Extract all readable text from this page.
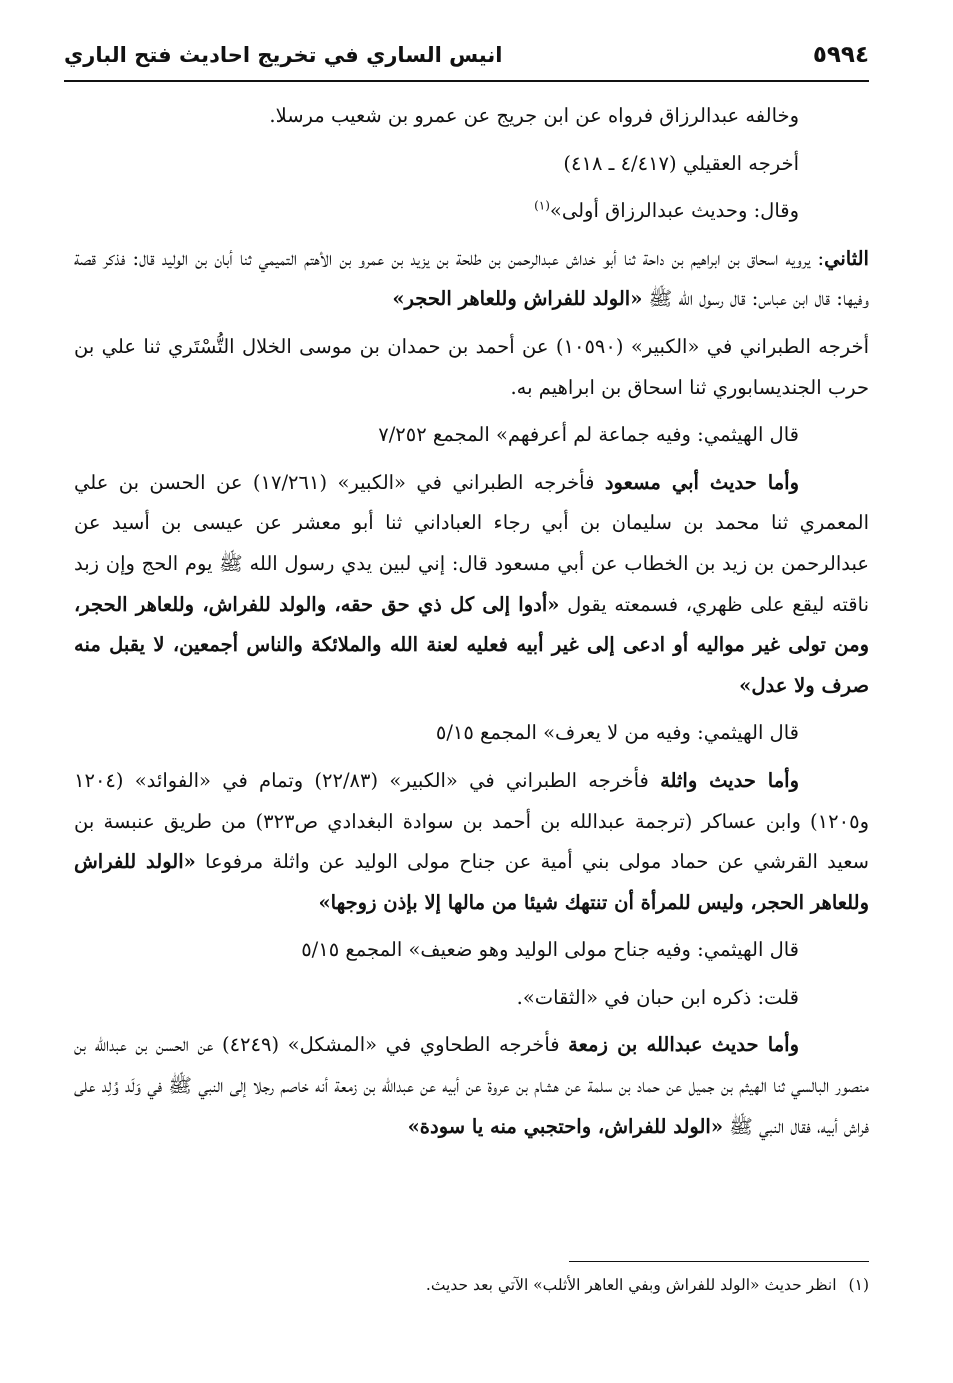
٥٩٩٤
انيس الساري في تخريج احاديث فتح الباري

وخالفه عبدالرزاق فرواه عن ابن جريج عن عمرو بن شعيب مرسلا.

أخرجه العقيلي (٤/٤١٧ ـ ٤١٨)

وقال: وحديث عبدالرزاق أولى»$^{(١)}$

الثاني: يرويه اسحاق بن ابراهيم بن داحة ثنا أبو خداش عبدالرحمن بن طلحة بن يزيد بن عمرو بن الأهتم التميمي ثنا أبان بن الوليد قال: فذكر قصة وفيها: قال ابن عباس: قال رسول الله ﷺ «الولد للفراش وللعاهر الحجر»

أخرجه الطبراني في «الكبير» (١٠٥٩٠) عن أحمد بن حمدان بن موسى الخلال التُّسْتَري ثنا علي بن حرب الجنديسابوري ثنا اسحاق بن ابراهيم به.

قال الهيثمي: وفيه جماعة لم أعرفهم» المجمع ٧/٢٥٢

وأما حديث أبي مسعود فأخرجه الطبراني في «الكبير» (١٧/٢٦١) عن الحسن بن علي المعمري ثنا محمد بن سليمان بن أبي رجاء العباداني ثنا أبو معشر عن عيسى بن أسيد عن عبدالرحمن بن زيد بن الخطاب عن أبي مسعود قال: إني لبين يدي رسول الله ﷺ يوم الحج وإن زبد ناقته ليقع على ظهري، فسمعته يقول «أدوا إلى كل ذي حق حقه، والولد للفراش، وللعاهر الحجر، ومن تولى غير مواليه أو ادعى إلى غير أبيه فعليه لعنة الله والملائكة والناس أجمعين، لا يقبل منه صرف ولا عدل»

قال الهيثمي: وفيه من لا يعرف» المجمع ٥/١٥

وأما حديث واثلة فأخرجه الطبراني في «الكبير» (٢٢/٨٣) وتمام في «الفوائد» (١٢٠٤ و١٢٠٥) وابن عساكر (ترجمة عبدالله بن أحمد بن سوادة البغدادي ص٣٢٣) من طريق عنبسة بن سعيد القرشي عن حماد مولى بني أمية عن جناح مولى الوليد عن واثلة مرفوعا «الولد للفراش وللعاهر الحجر، وليس للمرأة أن تنتهك شيئا من مالها إلا بإذن زوجها»

قال الهيثمي: وفيه جناح مولى الوليد وهو ضعيف» المجمع ٥/١٥

قلت: ذكره ابن حبان في «الثقات».

وأما حديث عبدالله بن زمعة فأخرجه الطحاوي في «المشكل» (٤٢٤٩) عن الحسن بن عبدالله بن منصور البالسي ثنا الهيثم بن جميل عن حماد بن سلمة عن هشام بن عروة عن أبيه عن عبدالله بن زمعة أنه خاصم رجلا إلى النبي ﷺ في وَلَد وُلِد على فراش أبيه، فقال النبي ﷺ «الولد للفراش، واحتجبي منه يا سودة»

(١)انظر حديث «الولد للفراش وبفي العاهر الأثلب» الآتي بعد حديث.
